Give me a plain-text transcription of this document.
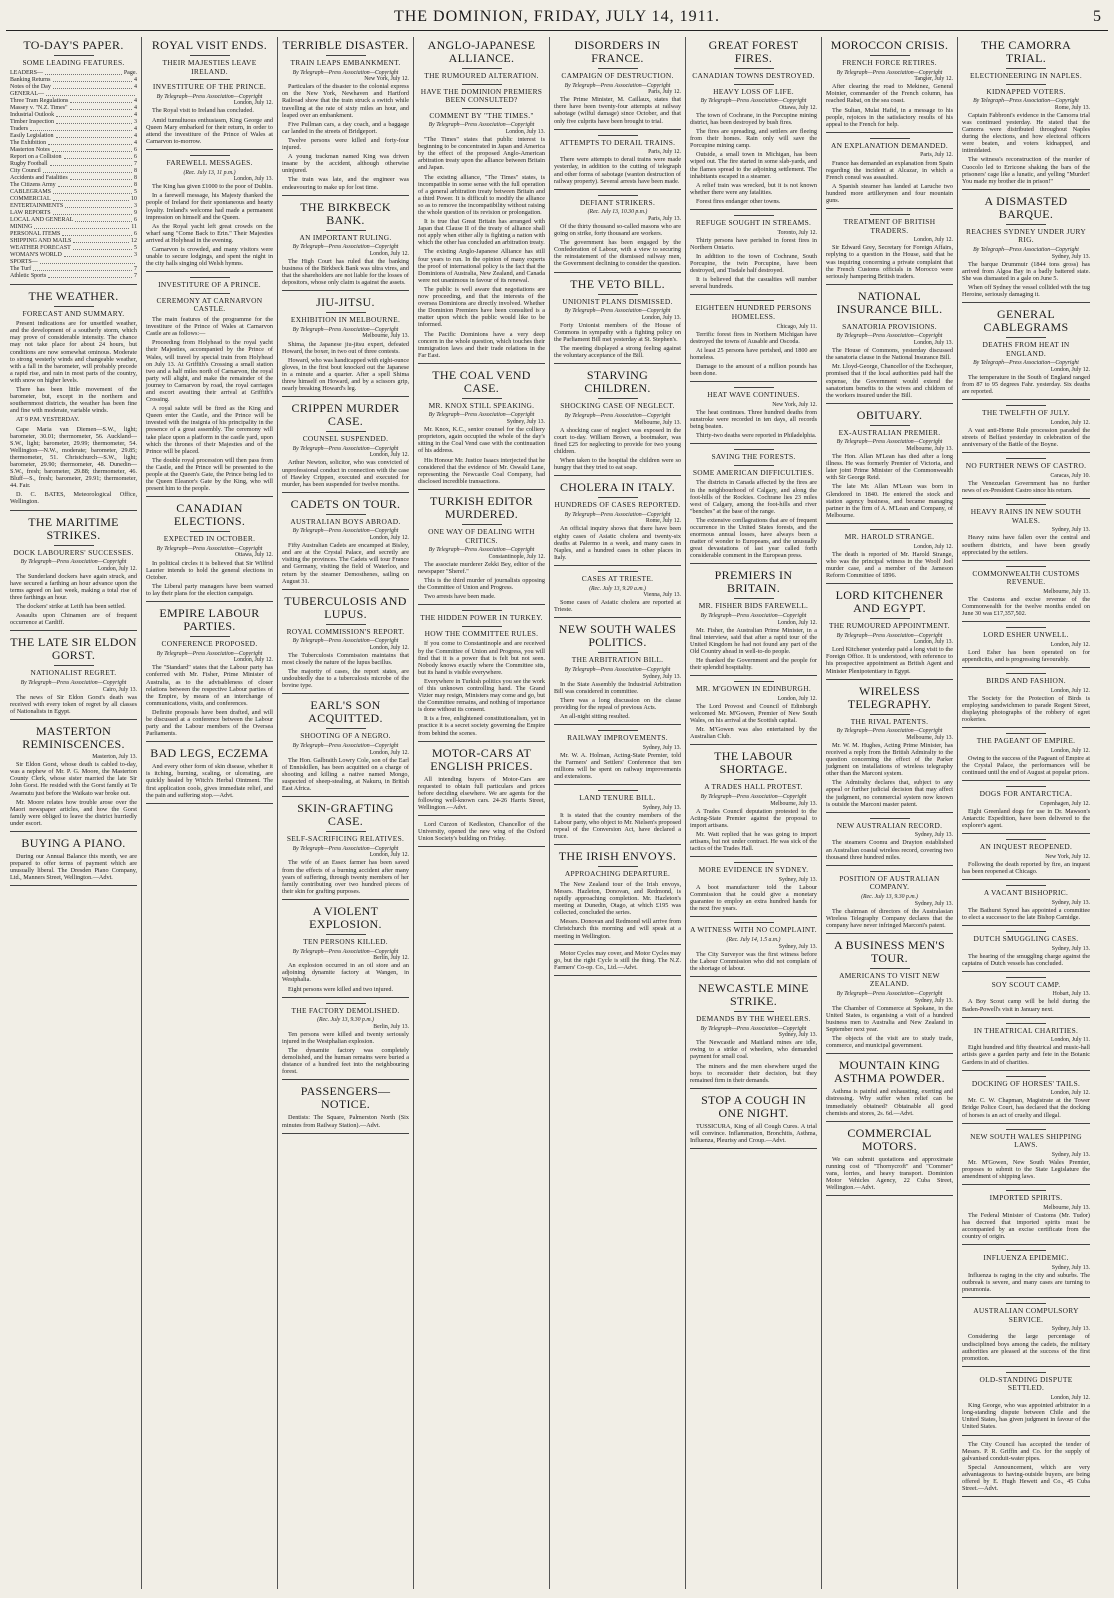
THE DOMINION, FRIDAY, JULY 14, 1911.	5
TO-DAY'S PAPER.
SOME LEADING FEATURES.
LEADERS—	Page.
Banking Returns	4
Notes of the Day	4
GENERAL—
Three Tram Regulations	4
Massey v. "N.Z. Times"	4
Industrial Outlook	4
Timber Inspection	3
Traders	4
Easily Legislation	4
The Exhibition	4
Masterton Notes	6
Report on a Collision	6
Rugby Football	7
City Council	8
Accidents and Fatalities	8
The Citizens Army	8
CABLEGRAMS	5
COMMERCIAL	10
ENTERTAINMENTS	3
LAW REPORTS	9
LOCAL AND GENERAL	6
MINING	11
PERSONAL ITEMS	6
SHIPPING AND MAILS	12
WEATHER FORECAST	5
WOMAN'S WORLD	3
SPORTS—
The Turf	7
Athletic Sports	7
THE WEATHER.
FORECAST AND SUMMARY.

Present indications are for unsettled weather, and the development of a southerly storm, which may prove of considerable intensity. The chance may not take place for about 24 hours, but conditions are now somewhat ominous. Moderate to strong westerly winds and changeable weather, with a fall in the barometer, will probably precede a rapid rise, and rain in most parts of the country, with snow on higher levels.

There has been little movement of the barometer, but, except in the northern and southernmost districts, the weather has been fine and fine with moderate, variable winds.

AT 9 P.M. YESTERDAY.

Cape Maria van Diemen—S.W., light; barometer, 30.01; thermometer, 56. Auckland—S.W., light; barometer, 29.99; thermometer, 54. Wellington—N.W., moderate; barometer, 29.85; thermometer, 51. Christchurch—S.W., light; barometer, 29.90; thermometer, 48. Dunedin—S.W., fresh; barometer, 29.88; thermometer, 46. Bluff—S., fresh; barometer, 29.91; thermometer, 44. Fair.

D. C. BATES, Meteorological Office, Wellington.

THE MARITIME STRIKES.
DOCK LABOURERS' SUCCESSES.
By Telegraph—Press Association—Copyright
London, July 12.

The Sunderland dockers have again struck, and have secured a farthing an hour advance upon the terms agreed on last week, making a total rise of three farthings an hour.

The dockers' strike at Leith has been settled.

Assaults upon Chinamen are of frequent occurrence at Cardiff.

THE LATE SIR ELDON GORST.
NATIONALIST REGRET.
By Telegraph—Press Association—Copyright
Cairo, July 13.

The news of Sir Eldon Gorst's death was received with every token of regret by all classes of Nationalists in Egypt.

MASTERTON REMINISCENCES.
Masterton, July 13.

Sir Eldon Gorst, whose death is cabled to-day, was a nephew of Mr. P. G. Moore, the Masterton County Clerk, whose sister married the late Sir John Gorst. He resided with the Gorst family at Te Awamutu just before the Waikato war broke out.

Mr. Moore relates how trouble arose over the Maori newspaper articles, and how the Gorst family were obliged to leave the district hurriedly under escort.

BUYING A PIANO.

During our Annual Balance this month, we are prepared to offer terms of payment which are unusually liberal. The Dresden Piano Company, Ltd., Manners Street, Wellington.—Advt.

ROYAL VISIT ENDS.
THEIR MAJESTIES LEAVE IRELAND.
INVESTITURE OF THE PRINCE.
By Telegraph—Press Association—Copyright
London, July 12.

The Royal visit to Ireland has concluded.

Amid tumultuous enthusiasm, King George and Queen Mary embarked for their return, in order to attend the investiture of the Prince of Wales at Carnarvon to-morrow.

FAREWELL MESSAGES.
(Rec. July 13, 11 p.m.)
London, July 13.

The King has given £1000 to the poor of Dublin.

In a farewell message, his Majesty thanked the people of Ireland for their spontaneous and hearty loyalty. Ireland's welcome had made a permanent impression on himself and the Queen.

As the Royal yacht left great crowds on the wharf sang "Come Back to Erin." Their Majesties arrived at Holyhead in the evening.

Carnarvon is crowded, and many visitors were unable to secure lodgings, and spent the night in the city halls singing old Welsh hymns.

INVESTITURE OF A PRINCE.
CEREMONY AT CARNARVON CASTLE.

The main features of the programme for the investiture of the Prince of Wales at Carnarvon Castle are as follows:—

Proceeding from Holyhead to the royal yacht their Majesties, accompanied by the Prince of Wales, will travel by special train from Holyhead on July 13. At Griffith's Crossing a small station two and a half miles north of Carnarvon, the royal party will alight, and make the remainder of the journey to Carnarvon by road, the royal carriages and escort awaiting their arrival at Griffith's Crossing.

A royal salute will be fired as the King and Queen enter the Castle, and the Prince will be invested with the insignia of his principality in the presence of a great assembly. The ceremony will take place upon a platform in the castle yard, upon which the thrones of their Majesties and of the Prince will be placed.

The double royal procession will then pass from the Castle, and the Prince will be presented to the people at the Queen's Gate, the Prince being led to the Queen Eleanor's Gate by the King, who will present him to the people.

CANADIAN ELECTIONS.
EXPECTED IN OCTOBER.
By Telegraph—Press Association—Copyright
Ottawa, July 12.

In political circles it is believed that Sir Wilfrid Laurier intends to hold the general elections in October.

The Liberal party managers have been warned to lay their plans for the election campaign.

EMPIRE LABOUR PARTIES.
CONFERENCE PROPOSED.
By Telegraph—Press Association—Copyright
London, July 12.

The "Standard" states that the Labour party has conferred with Mr. Fisher, Prime Minister of Australia, as to the advisableness of closer relations between the respective Labour parties of the Empire, by means of an interchange of communications, visits, and conferences.

Definite proposals have been drafted, and will be discussed at a conference between the Labour party and the Labour members of the Oversea Parliaments.

BAD LEGS, ECZEMA

And every other form of skin disease, whether it is itching, burning, scaling, or ulcerating, are quickly healed by Witch's Herbal Ointment. The first application cools, gives immediate relief, and the pain and suffering stop.—Advt.

TERRIBLE DISASTER.
TRAIN LEAPS EMBANKMENT.
By Telegraph—Press Association—Copyright
New York, July 12.

Particulars of the disaster to the colonial express on the New York, Newhaven and Hartford Railroad show that the train struck a switch while travelling at the rate of sixty miles an hour, and leaped over an embankment.

Five Pullman cars, a day coach, and a baggage car landed in the streets of Bridgeport.

Twelve persons were killed and forty-four injured.

A young trackman named King was driven insane by the accident, although otherwise uninjured.

The train was late, and the engineer was endeavouring to make up for lost time.

THE BIRKBECK BANK.
AN IMPORTANT RULING.
By Telegraph—Press Association—Copyright
London, July 12.

The High Court has ruled that the banking business of the Birkbeck Bank was ultra vires, and that the shareholders are not liable for the losses of depositors, whose only claim is against the assets.

JIU-JITSU.
EXHIBITION IN MELBOURNE.
By Telegraph—Press Association—Copyright
Melbourne, July 13.

Shima, the Japanese jiu-jitsu expert, defeated Howard, the boxer, in two out of three contests.

Howard, who was handicapped with eight-ounce gloves, in the first bout knocked out the Japanese in a minute and a quarter. After a spell Shima threw himself on Howard, and by a scissors grip, nearly breaking Howard's leg.

CRIPPEN MURDER CASE.
COUNSEL SUSPENDED.
By Telegraph—Press Association—Copyright
London, July 12.

Arthur Newton, solicitor, who was convicted of unprofessional conduct in connection with the case of Hawley Crippen, executed and executed for murder, has been suspended for twelve months.

CADETS ON TOUR.
AUSTRALIAN BOYS ABROAD.
By Telegraph—Press Association—Copyright
London, July 12.

Fifty Australian Cadets are encamped at Bisley, and are at the Crystal Palace, and secretly are visiting the provinces. The Cadets will tour France and Germany, visiting the field of Waterloo, and return by the steamer Demosthenes, sailing on August 31.

TUBERCULOSIS AND LUPUS.
ROYAL COMMISSION'S REPORT.
By Telegraph—Press Association—Copyright
London, July 12.

The Tuberculosis Commission maintains that most closely the nature of the lupus bacillus.

The majority of cases, the report states, are undoubtedly due to a tuberculosis microbe of the bovine type.

EARL'S SON ACQUITTED.
SHOOTING OF A NEGRO.
By Telegraph—Press Association—Copyright
London, July 12.

The Hon. Galbraith Lowry Cole, son of the Earl of Enniskillen, has been acquitted on a charge of shooting and killing a native named Mongo, suspected of sheep-stealing, at Nakuru, in British East Africa.

SKIN-GRAFTING CASE.
SELF-SACRIFICING RELATIVES.
By Telegraph—Press Association—Copyright
London, July 12.

The wife of an Essex farmer has been saved from the effects of a burning accident after many years of suffering, through twenty members of her family contributing over two hundred pieces of their skin for grafting purposes.

A VIOLENT EXPLOSION.
TEN PERSONS KILLED.
By Telegraph—Press Association—Copyright
Berlin, July 12.

An explosion occurred in an oil store and an adjoining dynamite factory at Wangen, in Westphalia.

Eight persons were killed and two injured.

THE FACTORY DEMOLISHED.
(Rec. July 13, 9.30 p.m.)
Berlin, July 13.

Ten persons were killed and twenty seriously injured in the Westphalian explosion.

The dynamite factory was completely demolished, and the human remains were buried a distance of a hundred feet into the neighbouring forest.

PASSENGERS—NOTICE.

Dentists: The Square, Palmerston North (Six minutes from Railway Station).—Advt.

ANGLO-JAPANESE ALLIANCE.
THE RUMOURED ALTERATION.
HAVE THE DOMINION PREMIERS BEEN CONSULTED?
COMMENT BY "THE TIMES."
By Telegraph—Press Association—Copyright
London, July 13.

"The Times" states that public interest is beginning to be concentrated in Japan and America by the effect of the proposed Anglo-American arbitration treaty upon the alliance between Britain and Japan.

The existing alliance, "The Times" states, is incompatible in some sense with the full operation of a general arbitration treaty between Britain and a third Power. It is difficult to modify the alliance so as to remove the incompatibility without raising the whole question of its revision or prolongation.

It is true that Great Britain has arranged with Japan that Clause II of the treaty of alliance shall not apply when either ally is fighting a nation with which the other has concluded an arbitration treaty.

The existing Anglo-Japanese Alliance has still four years to run. In the opinion of many experts the proof of international policy is the fact that the Dominions of Australia, New Zealand, and Canada were not unanimous in favour of its renewal.

The public is well aware that negotiations are now proceeding, and that the interests of the oversea Dominions are directly involved. Whether the Dominion Premiers have been consulted is a matter upon which the public would like to be informed.

The Pacific Dominions have a very deep concern in the whole question, which touches their immigration laws and their trade relations in the Far East.

THE COAL VEND CASE.
MR. KNOX STILL SPEAKING.
By Telegraph—Press Association—Copyright
Sydney, July 13.

Mr. Knox, K.C., senior counsel for the colliery proprietors, again occupied the whole of the day's sitting in the Coal Vend case with the continuation of his address.

His Honour Mr. Justice Isaacs interjected that he considered that the evidence of Mr. Oswald Lane, representing the Newcastle Coal Company, had disclosed incredible transactions.

TURKISH EDITOR MURDERED.
ONE WAY OF DEALING WITH CRITICS.
By Telegraph—Press Association—Copyright
Constantinople, July 12.

The associate murderer Zekki Bey, editor of the newspaper "Sheref."

This is the third murder of journalists opposing the Committee of Union and Progress.

Two arrests have been made.

THE HIDDEN POWER IN TURKEY.
HOW THE COMMITTEE RULES.

If you come to Constantinople and are received by the Committee of Union and Progress, you will find that it is a power that is felt but not seen. Nobody knows exactly where the Committee sits, but its hand is visible everywhere.

Everywhere in Turkish politics you see the work of this unknown controlling hand. The Grand Vizier may resign, Ministers may come and go, but the Committee remains, and nothing of importance is done without its consent.

It is a free, enlightened constitutionalism, yet in practice it is a secret society governing the Empire from behind the scenes.

MOTOR-CARS AT ENGLISH PRICES.

All intending buyers of Motor-Cars are requested to obtain full particulars and prices before deciding elsewhere. We are agents for the following well-known cars. 24-26 Harris Street, Wellington.—Advt.

Lord Curzon of Kedleston, Chancellor of the University, opened the new wing of the Oxford Union Society's building on Friday.

DISORDERS IN FRANCE.
CAMPAIGN OF DESTRUCTION.
By Telegraph—Press Association—Copyright
Paris, July 12.

The Prime Minister, M. Caillaux, states that there have been twenty-four attempts at railway sabotage (wilful damage) since October, and that only five culprits have been brought to trial.

ATTEMPTS TO DERAIL TRAINS.
Paris, July 12.

There were attempts to derail trains were made yesterday, in addition to the cutting of telegraph and other forms of sabotage (wanton destruction of railway property). Several arrests have been made.

DEFIANT STRIKERS.
(Rec. July 13, 10.30 p.m.)
Paris, July 13.

Of the thirty thousand so-called masons who are going on strike, forty thousand are workers.

The government has been engaged by the Confederation of Labour, with a view to securing the reinstatement of the dismissed railway men, the Government declining to consider the question.

THE VETO BILL.
UNIONIST PLANS DISMISSED.
By Telegraph—Press Association—Copyright
London, July 13.

Forty Unionist members of the House of Commons in sympathy with a fighting policy on the Parliament Bill met yesterday at St. Stephen's.

The meeting displayed a strong feeling against the voluntary acceptance of the Bill.

STARVING CHILDREN.
SHOCKING CASE OF NEGLECT.
By Telegraph—Press Association—Copyright
Melbourne, July 13.

A shocking case of neglect was exposed in the court to-day. William Brown, a bootmaker, was fined £25 for neglecting to provide for two young children.

When taken to the hospital the children were so hungry that they tried to eat soap.

CHOLERA IN ITALY.
HUNDREDS OF CASES REPORTED.
By Telegraph—Press Association—Copyright
Rome, July 12.

An official inquiry shows that there have been eighty cases of Asiatic cholera and twenty-six deaths at Palermo in a week, and many cases in Naples, and a hundred cases in other places in Italy.

CASES AT TRIESTE.
(Rec. July 13, 9.20 a.m.)
Vienna, July 13.

Some cases of Asiatic cholera are reported at Trieste.

NEW SOUTH WALES POLITICS.
THE ARBITRATION BILL.
By Telegraph—Press Association—Copyright
Sydney, July 13.

In the State Assembly the Industrial Arbitration Bill was considered in committee.

There was a long discussion on the clause providing for the repeal of previous Acts.

An all-night sitting resulted.

RAILWAY IMPROVEMENTS.
Sydney, July 13.

Mr. W. A. Holman, Acting-State Premier, told the Farmers' and Settlers' Conference that ten millions will be spent on railway improvements and extensions.

LAND TENURE BILL.
Sydney, July 13.

It is stated that the country members of the Labour party, who object to Mr. Nielsen's proposed repeal of the Conversion Act, have declared a truce.

THE IRISH ENVOYS.
APPROACHING DEPARTURE.

The New Zealand tour of the Irish envoys, Messrs. Hazleton, Donovan, and Redmond, is rapidly approaching completion. Mr. Hazleton's meeting at Dunedin, Otago, at which £195 was collected, concluded the series.

Messrs. Donovan and Redmond will arrive from Christchurch this morning and will speak at a meeting in Wellington.

Motor Cycles may cover, and Motor Cycles may go, but the right Cycle is still the thing. The N.Z. Farmers' Co-op. Co., Ltd.—Advt.

GREAT FOREST FIRES.
CANADIAN TOWNS DESTROYED.
HEAVY LOSS OF LIFE.
By Telegraph—Press Association—Copyright
Ottawa, July 12.

The town of Cochrane, in the Porcupine mining district, has been destroyed by bush fires.

The fires are spreading, and settlers are fleeing from their homes. Rain only will save the Porcupine mining camp.

Outside, a small town in Michigan, has been wiped out. The fire started in some slab-yards, and the flames spread to the adjoining settlement. The inhabitants escaped in a steamer.

A relief train was wrecked, but it is not known whether there were any fatalities.

Forest fires endanger other towns.

REFUGE SOUGHT IN STREAMS.
Toronto, July 12.

Thirty persons have perished in forest fires in Northern Ontario.

In addition to the town of Cochrane, South Porcupine, the twin Porcupine, have been destroyed, and Tisdale half destroyed.

It is believed that the casualties will number several hundreds.

EIGHTEEN HUNDRED PERSONS HOMELESS.
Chicago, July 11.

Terrific forest fires in Northern Michigan have destroyed the towns of Ausable and Oscoda.

At least 25 persons have perished, and 1800 are homeless.

Damage to the amount of a million pounds has been done.

HEAT WAVE CONTINUES.
New York, July 12.

The heat continues. Three hundred deaths from sunstroke were recorded in ten days, all records being beaten.

Thirty-two deaths were reported in Philadelphia.

SAVING THE FORESTS.
SOME AMERICAN DIFFICULTIES.

The districts in Canada affected by the fires are in the neighbourhood of Calgary, and along the foot-hills of the Rockies. Cochrane lies 23 miles west of Calgary, among the foot-hills and river "benches" at the base of the range.

The extensive conflagrations that are of frequent occurrence in the United States forests, and the enormous annual losses, have always been a matter of wonder to Europeans, and the unusually great devastations of last year called forth considerable comment in the European press.

PREMIERS IN BRITAIN.
MR. FISHER BIDS FAREWELL.
By Telegraph—Press Association—Copyright
London, July 12.

Mr. Fisher, the Australian Prime Minister, in a final interview, said that after a rapid tour of the United Kingdom he had not found any part of the Old Country ahead in well-to-do people.

He thanked the Government and the people for their splendid hospitality.

MR. M'GOWEN IN EDINBURGH.
London, July 12.

The Lord Provost and Council of Edinburgh welcomed Mr. M'Gowen, Premier of New South Wales, on his arrival at the Scottish capital.

Mr. M'Gowen was also entertained by the Australian Club.

THE LABOUR SHORTAGE.
A TRADES HALL PROTEST.
By Telegraph—Press Association—Copyright
Melbourne, July 13.

A Trades Council deputation protested to the Acting-State Premier against the proposal to import artisans.

Mr. Watt replied that he was going to import artisans, but not under contract. He was sick of the tactics of the Trades Hall.

MORE EVIDENCE IN SYDNEY.
Sydney, July 13.

A boot manufacturer told the Labour Commission that he could give a monetary guarantee to employ an extra hundred hands for the next five years.

A WITNESS WITH NO COMPLAINT.
(Rec. July 14, 1.5 a.m.)
Sydney, July 13.

The City Surveyor was the first witness before the Labour Commission who did not complain of the shortage of labour.

NEWCASTLE MINE STRIKE.
DEMANDS BY THE WHEELERS.
By Telegraph—Press Association—Copyright
Sydney, July 13.

The Newcastle and Maitland mines are idle, owing to a strike of wheelers, who demanded payment for small coal.

The miners and the men elsewhere urged the boys to reconsider their decision, but they remained firm in their demands.

STOP A COUGH IN ONE NIGHT.

TUSSICURA, King of all Cough Cures. A trial will convince. Inflammation, Bronchitis, Asthma, Influenza, Pleurisy and Croup.—Advt.

MOROCCON CRISIS.
FRENCH FORCE RETIRES.
By Telegraph—Press Association—Copyright
Tangier, July 12.

After clearing the road to Mekinez, General Moinier, commander of the French column, has reached Rabat, on the sea coast.

The Sultan, Mulai Hafid, in a message to his people, rejoices in the satisfactory results of his appeal to the French for help.

AN EXPLANATION DEMANDED.
Paris, July 12.

France has demanded an explanation from Spain regarding the incident at Alcazar, in which a French consul was assaulted.

A Spanish steamer has landed at Laruche two hundred more artillerymen and four mountain guns.

TREATMENT OF BRITISH TRADERS.
London, July 12.

Sir Edward Grey, Secretary for Foreign Affairs, replying to a question in the House, said that he was inquiring concerning a private complaint that the French Customs officials in Morocco were seriously hampering British traders.

NATIONAL INSURANCE BILL.
SANATORIA PROVISIONS.
By Telegraph—Press Association—Copyright
London, July 13.

The House of Commons, yesterday discussed the sanatoria clause in the National Insurance Bill.

Mr. Lloyd-George, Chancellor of the Exchequer, promised that if the local authorities paid half the expense, the Government would extend the sanatorium benefits to the wives and children of the workers insured under the Bill.

OBITUARY.
EX-AUSTRALIAN PREMIER.
By Telegraph—Press Association—Copyright
Melbourne, July 13.

The Hon. Allan M'Lean has died after a long illness. He was formerly Premier of Victoria, and later joint Prime Minister of the Commonwealth with Sir George Reid.

The late Mr. Allan M'Lean was born in Glendored in 1840. He entered the stock and station agency business, and became managing partner in the firm of A. M'Lean and Company, of Melbourne.

MR. HAROLD STRANGE.
London, July 12.

The death is reported of Mr. Harold Strange, who was the principal witness in the Woolf Joel murder case, and a member of the Jameson Reform Committee of 1896.

LORD KITCHENER AND EGYPT.
THE RUMOURED APPOINTMENT.
By Telegraph—Press Association—Copyright
London, July 13.

Lord Kitchener yesterday paid a long visit to the Foreign Office. It is understood, with reference to his prospective appointment as British Agent and Minister Plenipotentiary in Egypt.

WIRELESS TELEGRAPHY.
THE RIVAL PATENTS.
By Telegraph—Press Association—Copyright
Melbourne, July 13.

Mr. W. M. Hughes, Acting Prime Minister, has received a reply from the British Admiralty to the question concerning the effect of the Parker judgment on installations of wireless telegraphy other than the Marconi system.

The Admiralty declares that, subject to any appeal or further judicial decision that may affect the judgment, no commercial system now known is outside the Marconi master patent.

NEW AUSTRALIAN RECORD.
Sydney, July 13.

The steamers Coomu and Drayton established an Australian coastal wireless record, covering two thousand three hundred miles.

POSITION OF AUSTRALIAN COMPANY.
(Rec. July 13, 9.30 p.m.)
Sydney, July 13.

The chairman of directors of the Australasian Wireless Telegraphy Company declares that the company have never infringed Marconi's patent.

A BUSINESS MEN'S TOUR.
AMERICANS TO VISIT NEW ZEALAND.
By Telegraph—Press Association—Copyright
Sydney, July 13.

The Chamber of Commerce at Spokane, in the United States, is organising a visit of a hundred business men to Australia and New Zealand in September next year.

The objects of the visit are to study trade, commerce, and municipal government.

MOUNTAIN KING ASTHMA POWDER.

Asthma is painful and exhausting, exerting and distressing. Why suffer when relief can be immediately obtained? Obtainable all good chemists and stores, 2s. 6d.—Advt.

COMMERCIAL MOTORS.

We can submit quotations and approximate running cost of "Thornycroft" and "Commer" vans, lorries, and heavy transport. Dominion Motor Vehicles Agency, 22 Cuba Street, Wellington.—Advt.

THE CAMORRA TRIAL.
ELECTIONEERING IN NAPLES.
KIDNAPPED VOTERS.
By Telegraph—Press Association—Copyright
Rome, July 13.

Captain Fabbroni's evidence in the Camorra trial was continued yesterday. He stated that the Camorra were distributed throughout Naples during the elections, and how electoral officers were beaten, and voters kidnapped, and intimidated.

The witness's reconstruction of the murder of Cuocolo led to Erricone shaking the bars of the prisoners' cage like a lunatic, and yelling "Murder! You made my brother die in prison!"

A DISMASTED BARQUE.
REACHES SYDNEY UNDER JURY RIG.
By Telegraph—Press Association—Copyright
Sydney, July 13.

The barque Drummuir (1844 tons gross) has arrived from Algoa Bay in a badly battered state. She was dismasted in a gale on June 5.

When off Sydney the vessel collided with the tug Heroine, seriously damaging it.

GENERAL CABLEGRAMS
DEATHS FROM HEAT IN ENGLAND.
By Telegraph—Press Association—Copyright
London, July 12.

The temperature in the South of England ranged from 87 to 95 degrees Fahr. yesterday. Six deaths are reported.

THE TWELFTH OF JULY.
London, July 12.

A vast anti-Home Rule procession paraded the streets of Belfast yesterday in celebration of the anniversary of the Battle of the Boyne.

NO FURTHER NEWS OF CASTRO.
Caracas, July 10.

The Venezuelan Government has no further news of ex-President Castro since his return.

HEAVY RAINS IN NEW SOUTH WALES.
Sydney, July 13.

Heavy rains have fallen over the central and southern districts, and have been greatly appreciated by the settlers.

COMMONWEALTH CUSTOMS REVENUE.
Melbourne, July 13.

The Customs and excise revenue of the Commonwealth for the twelve months ended on June 30 was £17,357,502.

LORD ESHER UNWELL.
London, July 12.

Lord Esher has been operated on for appendicitis, and is progressing favourably.

BIRDS AND FASHION.
London, July 12.

The Society for the Protection of Birds is employing sandwichmen to parade Regent Street, displaying photographs of the robbery of egret rookeries.

THE PAGEANT OF EMPIRE.
London, July 12.

Owing to the success of the Pageant of Empire at the Crystal Palace, the performances will be continued until the end of August at popular prices.

DOGS FOR ANTARCTICA.
Copenhagen, July 12.

Eight Greenland dogs for use in Dr. Mawson's Antarctic Expedition, have been delivered to the explorer's agent.

AN INQUEST REOPENED.
New York, July 12.

Following the death reported by fire, an inquest has been reopened at Chicago.

A VACANT BISHOPRIC.
Sydney, July 13.

The Bathurst Synod has appointed a committee to elect a successor to the late Bishop Camidge.

DUTCH SMUGGLING CASES.
Sydney, July 13.

The hearing of the smuggling charge against the captains of Dutch vessels has concluded.

SOY SCOUT CAMP.
Hobart, July 13.

A Boy Scout camp will be held during the Baden-Powell's visit in January next.

IN THEATRICAL CHARITIES.
London, July 11.

Eight hundred and fifty theatrical and music-hall artists gave a garden party and fete in the Botanic Gardens in aid of charities.

DOCKING OF HORSES' TAILS.
London, July 12.

Mr. C. W. Chapman, Magistrate at the Tower Bridge Police Court, has declared that the docking of horses is an act of cruelty and illegal.

NEW SOUTH WALES SHIPPING LAWS.
Sydney, July 13.

Mr. M'Gowen, New South Wales Premier, proposes to submit to the State Legislature the amendment of shipping laws.

IMPORTED SPIRITS.
Melbourne, July 13.

The Federal Minister of Customs (Mr. Tudor) has decreed that imported spirits must be accompanied by an excise certificate from the country of origin.

INFLUENZA EPIDEMIC.
Sydney, July 13.

Influenza is raging in the city and suburbs. The outbreak is severe, and many cases are turning to pneumonia.

AUSTRALIAN COMPULSORY SERVICE.
Sydney, July 13.

Considering the large percentage of undisciplined boys among the cadets, the military authorities are pleased at the success of the first promotion.

OLD-STANDING DISPUTE SETTLED.
London, July 12.

King George, who was appointed arbitrator in a long-standing dispute between Chile and the United States, has given judgment in favour of the United States.

The City Council has accepted the tender of Messrs. P. R. Griffin and Co. for the supply of galvanised conduit-water pipes.

Special Announcement, which are very advantageous to having-outside buyers, are being offered by E. Hugh Hewett and Co., 45 Cuba Street.—Advt.
